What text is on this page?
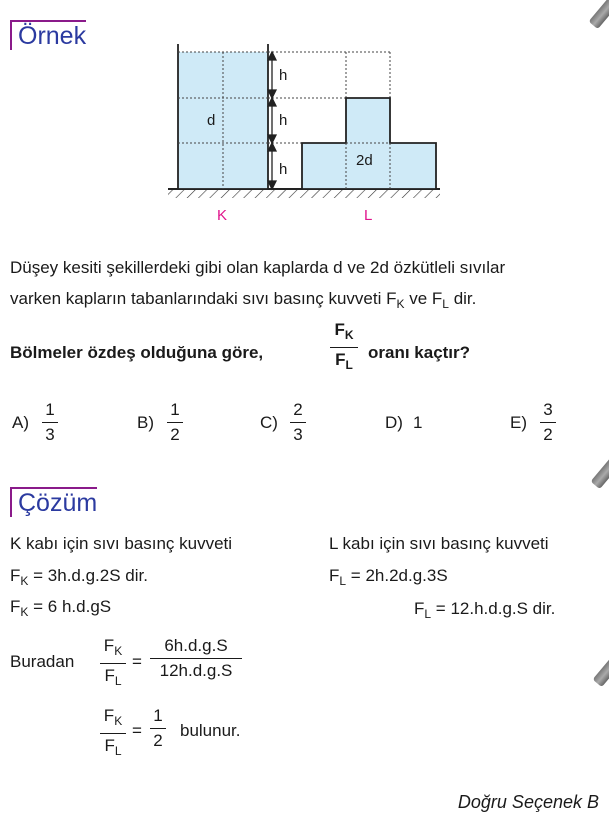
Örnek
h
h
h
d
2d
K	L
Düşey kesiti şekillerdeki gibi olan kaplarda d ve 2d özkütleli sıvılar
varken kapların tabanlarındaki sıvı basınç kuvveti $F_K$ ve $F_L$ dir.
Bölmeler özdeş olduğuna göre,
$F_K$
$F_L$
oranı kaçtır?
A)
1
3
B)
1
2
C)
2
3
D) 1	E)
3
2
Çözüm
K kabı için sıvı basınç kuvveti
$F_K = 3h.d.g.2S$ dir.
$F_K = 6$ h.d.gS
L kabı için sıvı basınç kuvveti
$F_L = 2h.2d.g.3S$
$F_L = 12.h.d.g.S$ dir.
Buradan
$F_K$
$F_L$
=
6h.d.g.S
12h.d.g.S
$F_K$
$F_L$
=
1
2
bulunur.
Doğru Seçenek B
